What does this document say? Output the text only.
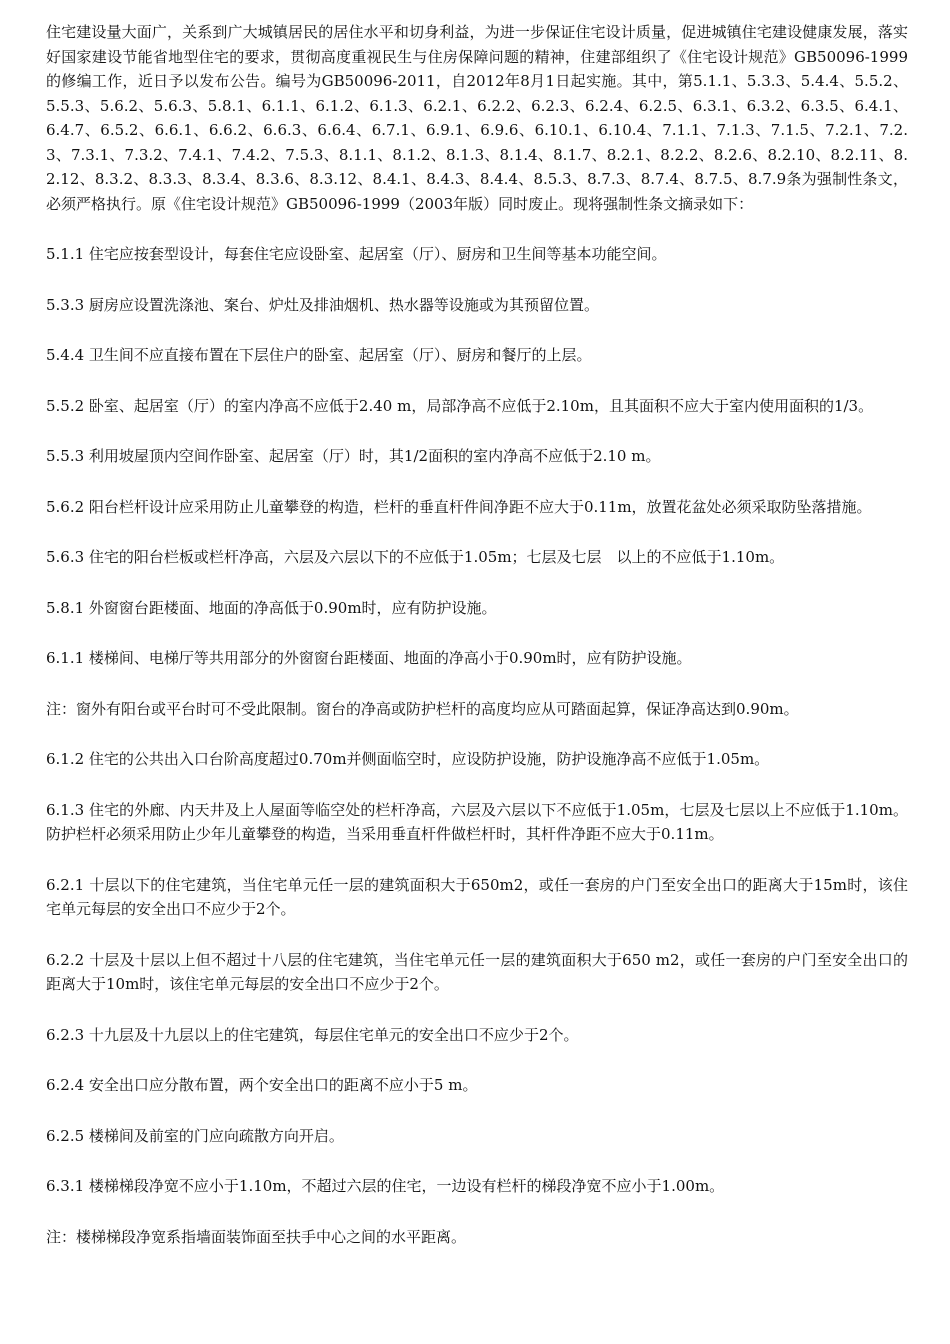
住宅建设量大面广，关系到广大城镇居民的居住水平和切身利益，为进一步保证住宅设计质量，促进城镇住宅建设健康发展，落实好国家建设节能省地型住宅的要求，贯彻高度重视民生与住房保障问题的精神，住建部组织了《住宅设计规范》GB50096-1999的修编工作，近日予以发布公告。编号为GB50096-2011，自2012年8月1日起实施。其中，第5.1.1、5.3.3、5.4.4、5.5.2、5.5.3、5.6.2、5.6.3、5.8.1、6.1.1、6.1.2、6.1.3、6.2.1、6.2.2、6.2.3、6.2.4、6.2.5、6.3.1、6.3.2、6.3.5、6.4.1、6.4.7、6.5.2、6.6.1、6.6.2、6.6.3、6.6.4、6.7.1、6.9.1、6.9.6、6.10.1、6.10.4、7.1.1、7.1.3、7.1.5、7.2.1、7.2.3、7.3.1、7.3.2、7.4.1、7.4.2、7.5.3、8.1.1、8.1.2、8.1.3、8.1.4、8.1.7、8.2.1、8.2.2、8.2.6、8.2.10、8.2.11、8.2.12、8.3.2、8.3.3、8.3.4、8.3.6、8.3.12、8.4.1、8.4.3、8.4.4、8.5.3、8.7.3、8.7.4、8.7.5、8.7.9条为强制性条文，必须严格执行。原《住宅设计规范》GB50096-1999（2003年版）同时废止。现将强制性条文摘录如下：

5.1.1 住宅应按套型设计，每套住宅应设卧室、起居室（厅）、厨房和卫生间等基本功能空间。

5.3.3 厨房应设置洗涤池、案台、炉灶及排油烟机、热水器等设施或为其预留位置。

5.4.4 卫生间不应直接布置在下层住户的卧室、起居室（厅）、厨房和餐厅的上层。

5.5.2 卧室、起居室（厅）的室内净高不应低于2.40 m，局部净高不应低于2.10m，且其面积不应大于室内使用面积的1/3。

5.5.3 利用坡屋顶内空间作卧室、起居室（厅）时，其1/2面积的室内净高不应低于2.10 m。

5.6.2 阳台栏杆设计应采用防止儿童攀登的构造，栏杆的垂直杆件间净距不应大于0.11m，放置花盆处必须采取防坠落措施。

5.6.3 住宅的阳台栏板或栏杆净高，六层及六层以下的不应低于1.05m；七层及七层　以上的不应低于1.10m。

5.8.1 外窗窗台距楼面、地面的净高低于0.90m时，应有防护设施。

6.1.1 楼梯间、电梯厅等共用部分的外窗窗台距楼面、地面的净高小于0.90m时，应有防护设施。

注：窗外有阳台或平台时可不受此限制。窗台的净高或防护栏杆的高度均应从可踏面起算，保证净高达到0.90m。

6.1.2 住宅的公共出入口台阶高度超过0.70m并侧面临空时，应设防护设施，防护设施净高不应低于1.05m。

6.1.3 住宅的外廊、内天井及上人屋面等临空处的栏杆净高，六层及六层以下不应低于1.05m，七层及七层以上不应低于1.10m。防护栏杆必须采用防止少年儿童攀登的构造，当采用垂直杆件做栏杆时，其杆件净距不应大于0.11m。

6.2.1 十层以下的住宅建筑，当住宅单元任一层的建筑面积大于650m2，或任一套房的户门至安全出口的距离大于15m时，该住宅单元每层的安全出口不应少于2个。

6.2.2 十层及十层以上但不超过十八层的住宅建筑，当住宅单元任一层的建筑面积大于650 m2，或任一套房的户门至安全出口的距离大于10m时，该住宅单元每层的安全出口不应少于2个。

6.2.3 十九层及十九层以上的住宅建筑，每层住宅单元的安全出口不应少于2个。

6.2.4 安全出口应分散布置，两个安全出口的距离不应小于5 m。

6.2.5 楼梯间及前室的门应向疏散方向开启。

6.3.1 楼梯梯段净宽不应小于1.10m，不超过六层的住宅，一边设有栏杆的梯段净宽不应小于1.00m。

注：楼梯梯段净宽系指墙面装饰面至扶手中心之间的水平距离。
